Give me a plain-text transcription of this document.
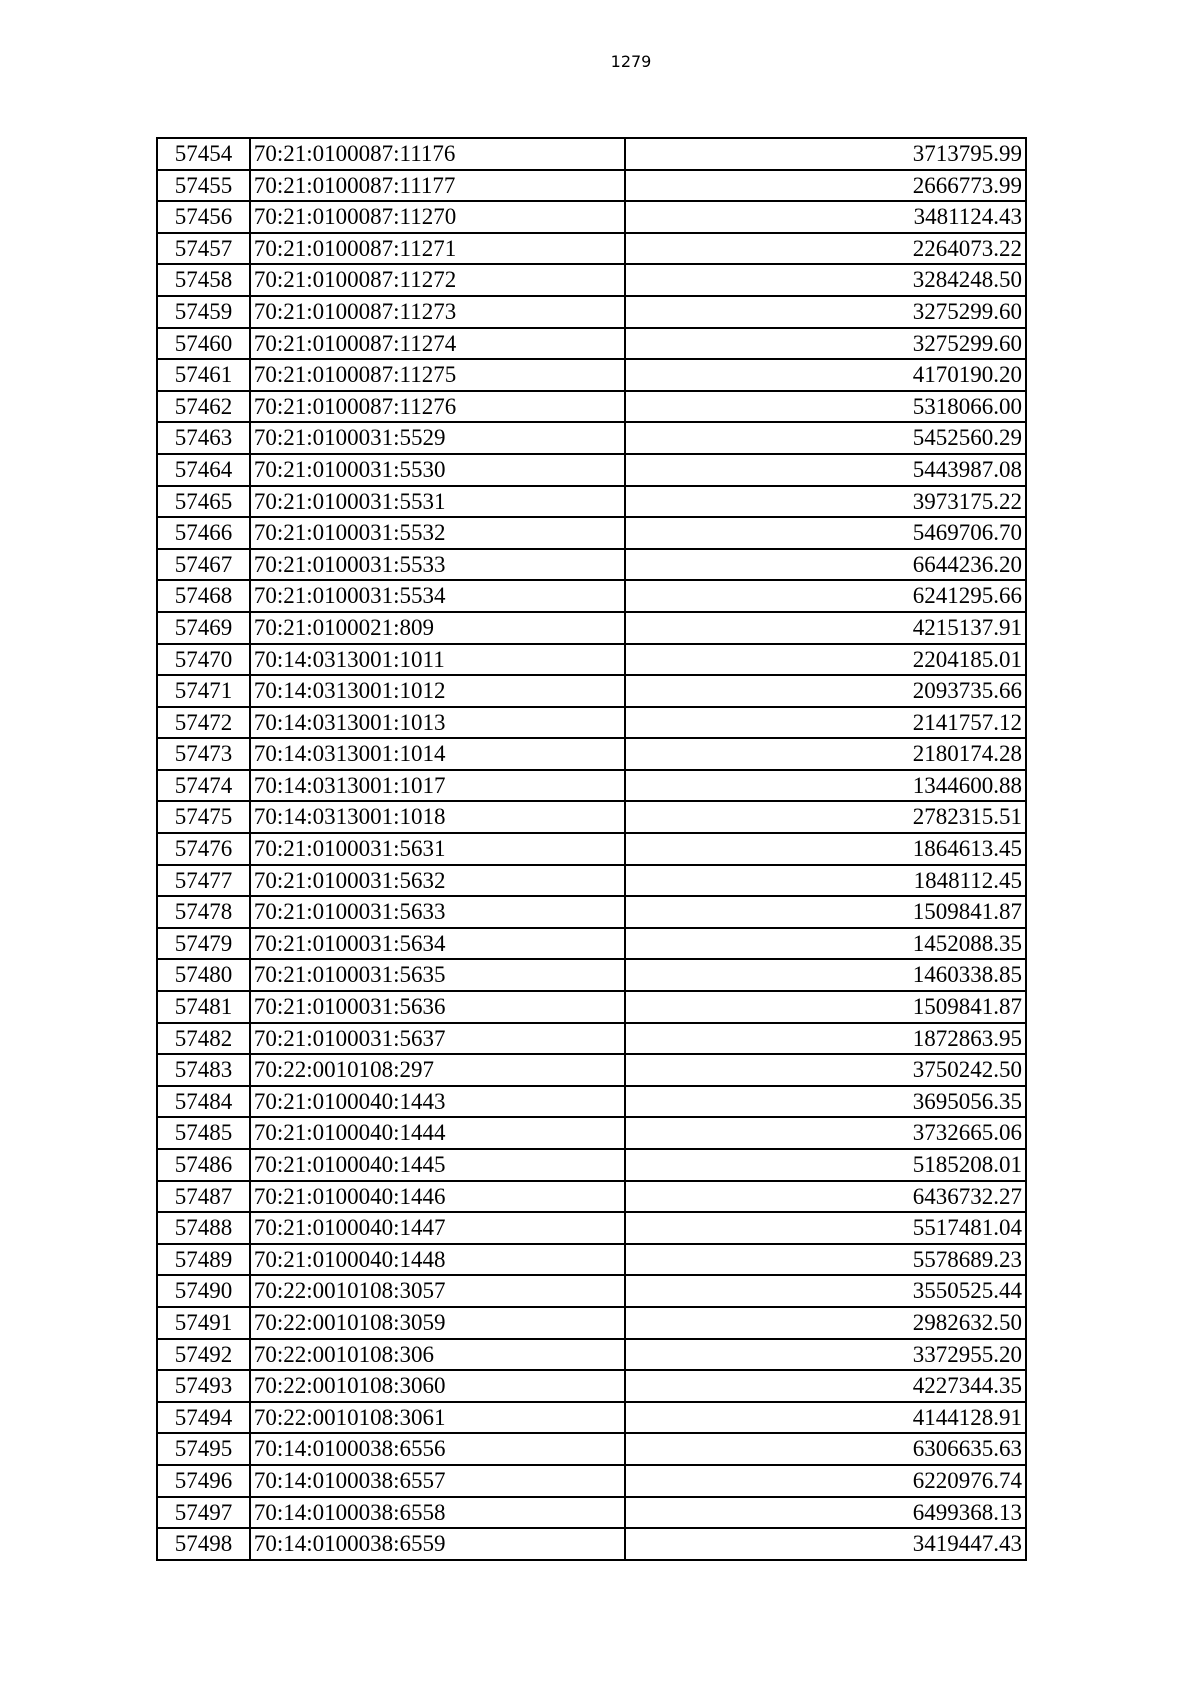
1279
57454	70:21:0100087:11176	3713795.99
57455	70:21:0100087:11177	2666773.99
57456	70:21:0100087:11270	3481124.43
57457	70:21:0100087:11271	2264073.22
57458	70:21:0100087:11272	3284248.50
57459	70:21:0100087:11273	3275299.60
57460	70:21:0100087:11274	3275299.60
57461	70:21:0100087:11275	4170190.20
57462	70:21:0100087:11276	5318066.00
57463	70:21:0100031:5529	5452560.29
57464	70:21:0100031:5530	5443987.08
57465	70:21:0100031:5531	3973175.22
57466	70:21:0100031:5532	5469706.70
57467	70:21:0100031:5533	6644236.20
57468	70:21:0100031:5534	6241295.66
57469	70:21:0100021:809	4215137.91
57470	70:14:0313001:1011	2204185.01
57471	70:14:0313001:1012	2093735.66
57472	70:14:0313001:1013	2141757.12
57473	70:14:0313001:1014	2180174.28
57474	70:14:0313001:1017	1344600.88
57475	70:14:0313001:1018	2782315.51
57476	70:21:0100031:5631	1864613.45
57477	70:21:0100031:5632	1848112.45
57478	70:21:0100031:5633	1509841.87
57479	70:21:0100031:5634	1452088.35
57480	70:21:0100031:5635	1460338.85
57481	70:21:0100031:5636	1509841.87
57482	70:21:0100031:5637	1872863.95
57483	70:22:0010108:297	3750242.50
57484	70:21:0100040:1443	3695056.35
57485	70:21:0100040:1444	3732665.06
57486	70:21:0100040:1445	5185208.01
57487	70:21:0100040:1446	6436732.27
57488	70:21:0100040:1447	5517481.04
57489	70:21:0100040:1448	5578689.23
57490	70:22:0010108:3057	3550525.44
57491	70:22:0010108:3059	2982632.50
57492	70:22:0010108:306	3372955.20
57493	70:22:0010108:3060	4227344.35
57494	70:22:0010108:3061	4144128.91
57495	70:14:0100038:6556	6306635.63
57496	70:14:0100038:6557	6220976.74
57497	70:14:0100038:6558	6499368.13
57498	70:14:0100038:6559	3419447.43
